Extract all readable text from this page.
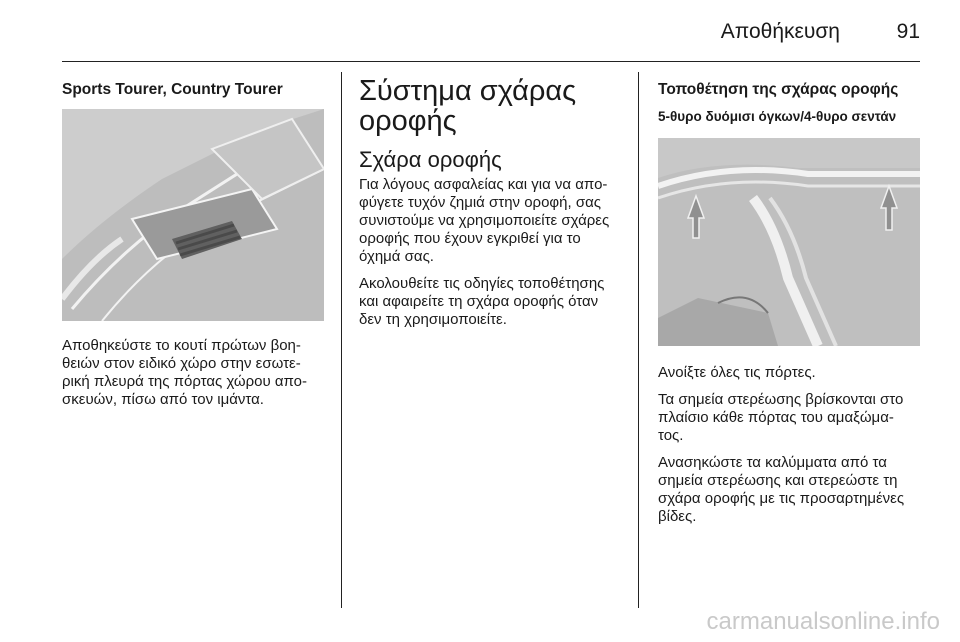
Αποθήκευση	91
Sports Tourer, Country Tourer

Αποθηκεύστε το κουτί πρώτων βοη- θειών στον ειδικό χώρο στην εσωτε- ρική πλευρά της πόρτας χώρου απο- σκευών, πίσω από τον ιμάντα.

Σύστημα σχάρας οροφής
Σχάρα οροφής

Για λόγους ασφαλείας και για να απο- φύγετε τυχόν ζημιά στην οροφή, σας συνιστούμε να χρησιμοποιείτε σχάρες οροφής που έχουν εγκριθεί για το όχημά σας.

Ακολουθείτε τις οδηγίες τοποθέτησης και αφαιρείτε τη σχάρα οροφής όταν δεν τη χρησιμοποιείτε.

Τοποθέτηση της σχάρας οροφής
5-θυρο δυόμισι όγκων/4-θυρο σεντάν

Ανοίξτε όλες τις πόρτες.

Τα σημεία στερέωσης βρίσκονται στο πλαίσιο κάθε πόρτας του αμαξώμα- τος.

Ανασηκώστε τα καλύμματα από τα σημεία στερέωσης και στερεώστε τη σχάρα οροφής με τις προσαρτημένες βίδες.

carmanualsonline.info
